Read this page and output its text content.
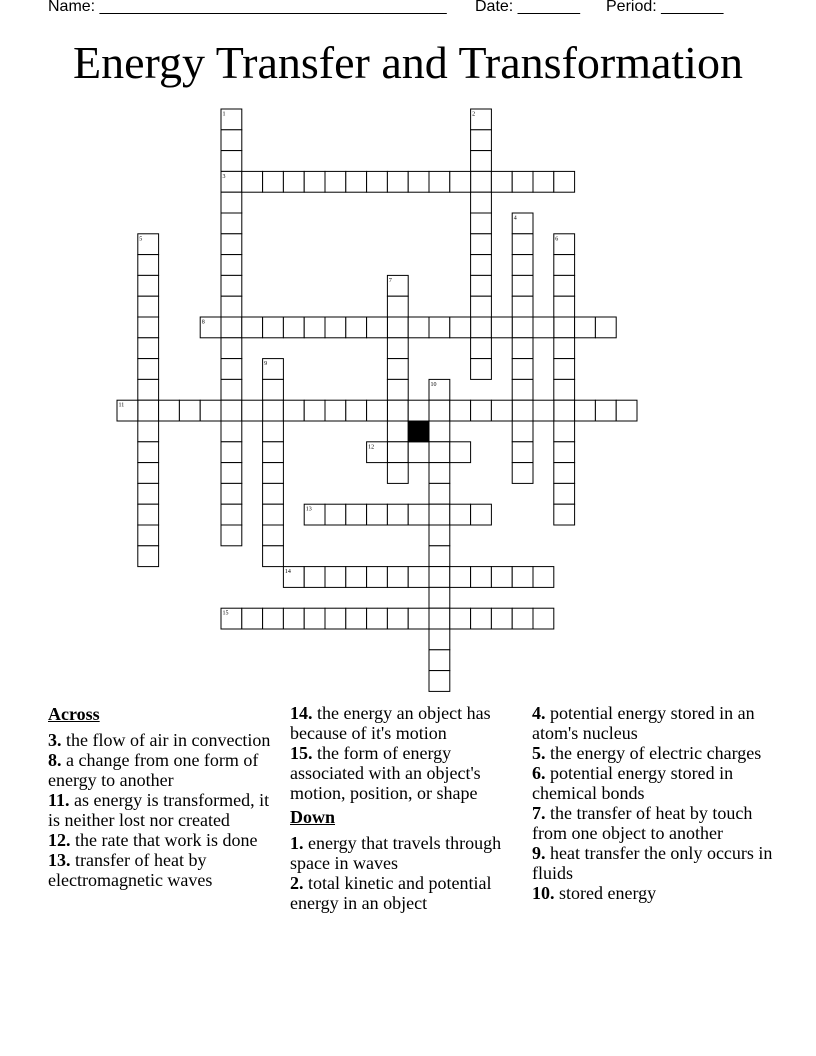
Name: _______________________________________ Date: _______ Period: _______
Energy Transfer and Transformation
1	2
3
4
5	6
7
8
9
10
11
12
13
14
15
Across
3. the flow of air in convection
8. a change from one form of energy to another
11. as energy is transformed, it is neither lost nor created
12. the rate that work is done
13. transfer of heat by electromagnetic waves
14. the energy an object has because of it's motion
15. the form of energy associated with an object's motion, position, or shape
Down
1. energy that travels through space in waves
2. total kinetic and potential energy in an object
4. potential energy stored in an atom's nucleus
5. the energy of electric charges
6. potential energy stored in chemical bonds
7. the transfer of heat by touch from one object to another
9. heat transfer the only occurs in fluids
10. stored energy
